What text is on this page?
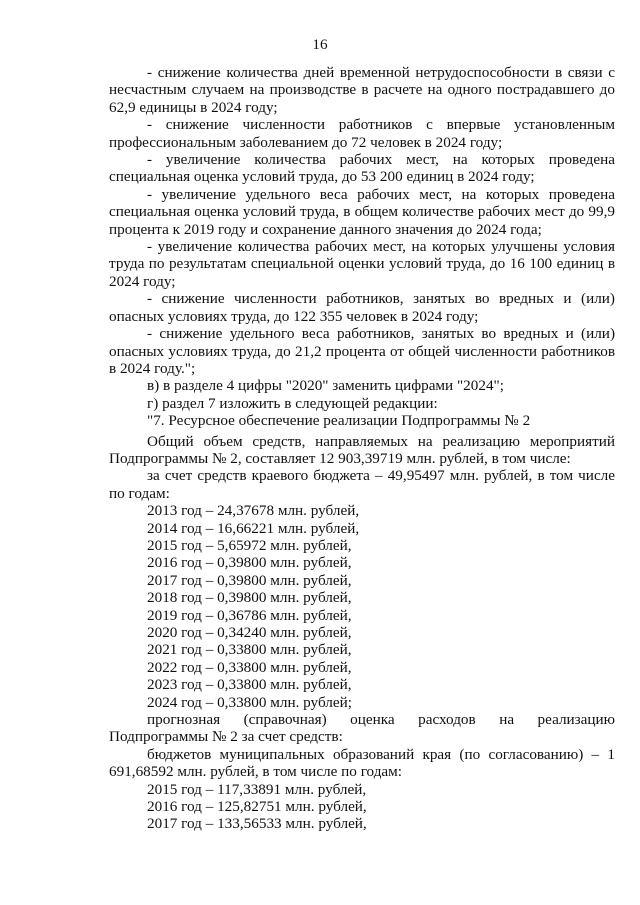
16

- снижение количества дней временной нетрудоспособности в связи с несчастным случаем на производстве в расчете на одного пострадавшего до 62,9 единицы в 2024 году;

- снижение численности работников с впервые установленным профессиональным заболеванием до 72 человек в 2024 году;

- увеличение количества рабочих мест, на которых проведена специальная оценка условий труда, до 53 200 единиц в 2024 году;

- увеличение удельного веса рабочих мест, на которых проведена специальная оценка условий труда, в общем количестве рабочих мест до 99,9 процента к 2019 году и сохранение данного значения до 2024 года;

- увеличение количества рабочих мест, на которых улучшены условия труда по результатам специальной оценки условий труда, до 16 100 единиц в 2024 году;

- снижение численности работников, занятых во вредных и (или) опасных условиях труда, до 122 355 человек в 2024 году;

- снижение удельного веса работников, занятых во вредных и (или) опасных условиях труда, до 21,2 процента от общей численности работников в 2024 году.";

в) в разделе 4 цифры "2020" заменить цифрами "2024";

г) раздел 7 изложить в следующей редакции:

"7. Ресурсное обеспечение реализации Подпрограммы № 2

Общий объем средств, направляемых на реализацию мероприятий Подпрограммы № 2, составляет 12 903,39719 млн. рублей, в том числе:

за счет средств краевого бюджета – 49,95497 млн. рублей, в том числе по годам:

2013 год – 24,37678 млн. рублей,

2014 год – 16,66221 млн. рублей,

2015 год – 5,65972 млн. рублей,

2016 год – 0,39800 млн. рублей,

2017 год – 0,39800 млн. рублей,

2018 год – 0,39800 млн. рублей,

2019 год – 0,36786 млн. рублей,

2020 год – 0,34240 млн. рублей,

2021 год – 0,33800 млн. рублей,

2022 год – 0,33800 млн. рублей,

2023 год – 0,33800 млн. рублей,

2024 год – 0,33800 млн. рублей;

прогнозная (справочная) оценка расходов на реализацию Подпрограммы № 2 за счет средств:

бюджетов муниципальных образований края (по согласованию) – 1 691,68592 млн. рублей, в том числе по годам:

2015 год – 117,33891 млн. рублей,

2016 год – 125,82751 млн. рублей,

2017 год – 133,56533 млн. рублей,
